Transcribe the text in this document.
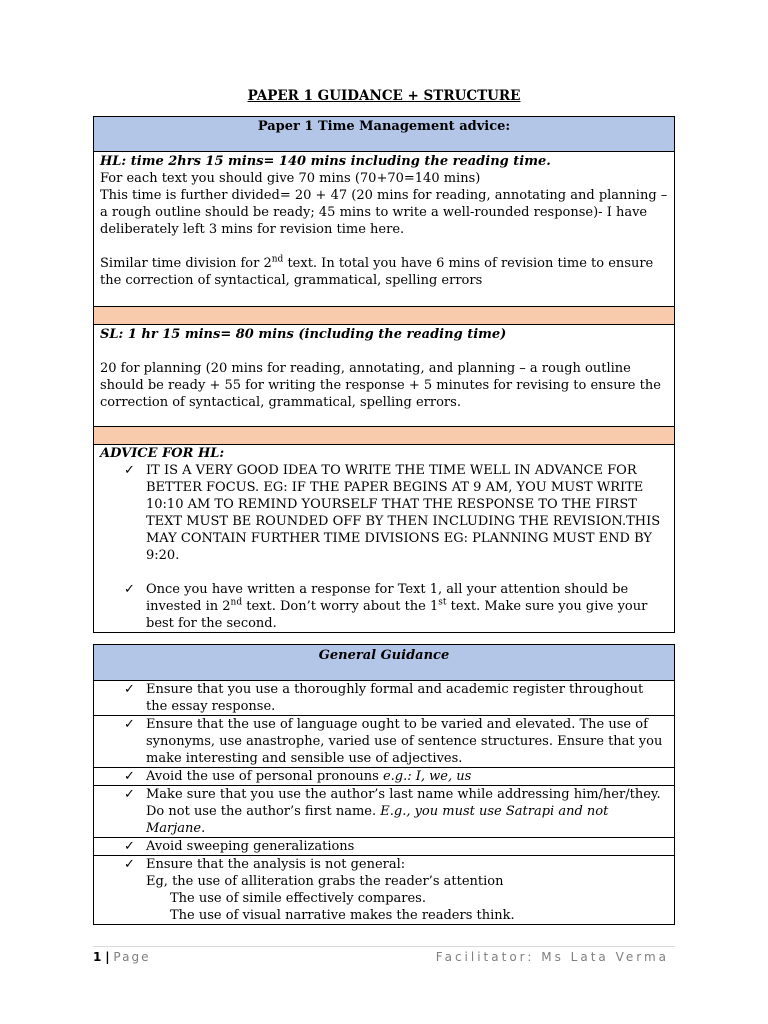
PAPER 1 GUIDANCE + STRUCTURE
Paper 1 Time Management advice:

HL: time 2hrs 15 mins= 140 mins including the reading time.
For each text you should give 70 mins (70+70=140 mins)
This time is further divided= 20 + 47 (20 mins for reading, annotating and planning – a rough outline should be ready; 45 mins to write a well-rounded response)- I have deliberately left 3 mins for revision time here.
Similar time division for 2nd text. In total you have 6 mins of revision time to ensure the correction of syntactical, grammatical, spelling errors

SL: 1 hr 15 mins= 80 mins (including the reading time)
20 for planning (20 mins for reading, annotating, and planning – a rough outline should be ready + 55 for writing the response + 5 minutes for revising to ensure the correction of syntactical, grammatical, spelling errors.

ADVICE FOR HL:
✓ IT IS A VERY GOOD IDEA TO WRITE THE TIME WELL IN ADVANCE FOR BETTER FOCUS. EG: IF THE PAPER BEGINS AT 9 AM, YOU MUST WRITE 10:10 AM TO REMIND YOURSELF THAT THE RESPONSE TO THE FIRST TEXT MUST BE ROUNDED OFF BY THEN INCLUDING THE REVISION.THIS MAY CONTAIN FURTHER TIME DIVISIONS EG: PLANNING MUST END BY 9:20.
✓ Once you have written a response for Text 1, all your attention should be invested in 2nd text. Don’t worry about the 1st text. Make sure you give your best for the second.
General Guidance

✓ Ensure that you use a thoroughly formal and academic register throughout the essay response.

✓ Ensure that the use of language ought to be varied and elevated. The use of synonyms, use anastrophe, varied use of sentence structures. Ensure that you make interesting and sensible use of adjectives.

✓ Avoid the use of personal pronouns e.g.: I, we, us

✓ Make sure that you use the author’s last name while addressing him/her/they. Do not use the author’s first name. E.g., you must use Satrapi and not Marjane.

✓ Avoid sweeping generalizations

✓ Ensure that the analysis is not general:
Eg, the use of alliteration grabs the reader’s attention
The use of simile effectively compares.
The use of visual narrative makes the readers think.
1 | Page	Facilitator: Ms Lata Verma
